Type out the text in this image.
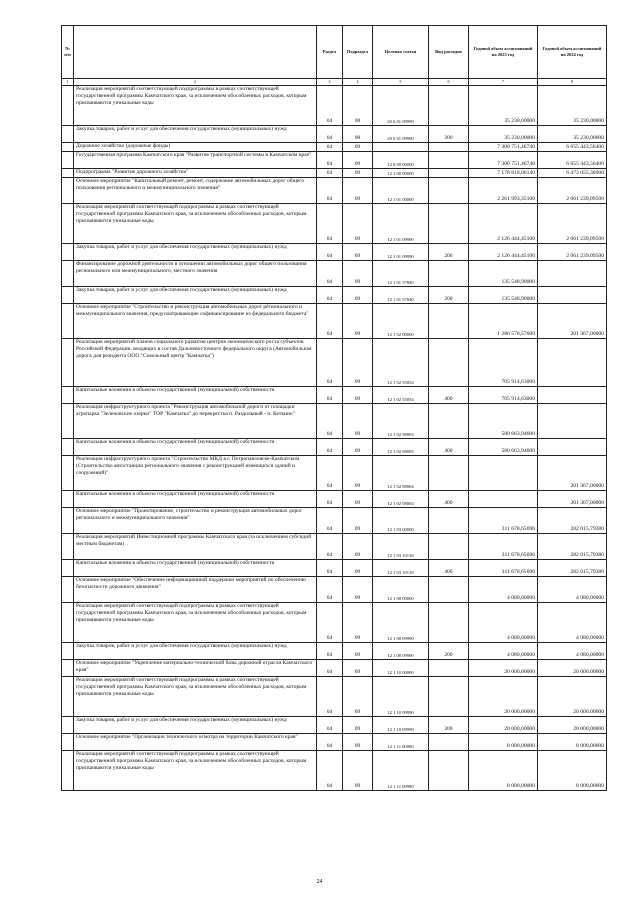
№ п/п		Раздел	Подраздел	Целевая статья	Вид расходов	Годовой объем ассигнований на 2023 год	Годовой объем ассигнований на 2024 год
1	2	3	4	5	6	7	8
	Реализация мероприятий соответствующей подпрограммы в рамках соответствующей государственной программы Камчатского края, за исключением обособленных расходов, которым присваиваются уникальные коды	04	08	20 6 01 09990		35 230,00000	35 230,00000
	Закупка товаров, работ и услуг для обеспечения государственных (муниципальных) нужд	04	08	20 6 01 09990	200	35 230,00000	35 230,00000
	Дорожное хозяйство (дорожные фонды)	04	09			7 300 751,46740	6 655 443,56400
	Государственная программа Камчатского края "Развитие транспортной системы в Камчатском крае"	04	09	12 0 00 00000		7 300 751,46740	6 655 443,56400
	Подпрограмма "Развитие дорожного хозяйства"	04	09	12 1 00 00000		7 178 818,06140	6 473 055,30900
	Основное мероприятие "Капитальный ремонт, ремонт, содержание автомобильных дорог общего пользования регионального и межмуниципального значения"	04	09	12 1 01 00000		2 261 993,35100	2 061 239,09500
	Реализация мероприятий соответствующей подпрограммы в рамках соответствующей государственной программы Камчатского края, за исключением обособленных расходов, которым присваиваются уникальные коды	04	09	12 1 01 09990		2 126 444,45100	2 061 239,09500
	Закупка товаров, работ и услуг для обеспечения государственных (муниципальных) нужд	04	09	12 1 01 09990	200	2 126 444,45100	2 061 239,09500
	Финансирование дорожной деятельности в отношении автомобильных дорог общего пользования регионального или межмуниципального, местного значения	04	09	12 1 01 57840		135 548,90000	
	Закупка товаров, работ и услуг для обеспечения государственных (муниципальных) нужд	04	09	12 1 01 57840	200	135 548,90000	
	Основное мероприятие "Строительство и реконструкция автомобильных дорог регионального и межмуниципального значения, предусматривающие софинансирование из федерального бюджета"	04	09	12 1 02 00000		1 286 578,57600	201 367,00000
	Реализация мероприятий планов социального развития центров экономического роста субъектов Российской Федерации, входящих в состав Дальневосточного федерального округа (Автомобильная дорога для резидента ООО "Сокольный центр "Камчатка")	04	09	12 1 02 55054		705 914,63000	
	Капитальные вложения в объекты государственной (муниципальной) собственности	04	09	12 1 02 55054	400	705 914,63000	
	Реализация инфраструктурного проекта "Реконструкция автомобильной дороги от площадки агропарка "Зеленовские озерки" ТОР "Камчатка" до перекрестка п. Раздольный - п. Кеткино"	04	09	12 1 02 98003		580 663,94600	
	Капитальные вложения в объекты государственной (муниципальной) собственности	04	09	12 1 02 98003	400	580 663,94600	
	Реализация инфраструктурного проекта "Строительство МКД в г. Петропавловске-Камчатском (Строительство автостанции регионального значения с реконструкцией имеющихся зданий и сооружений)"	04	09	12 1 02 98004			201 367,00000
	Капитальные вложения в объекты государственной (муниципальной) собственности	04	09	12 1 02 98004	400		201 367,00000
	Основное мероприятие "Проектирование, строительство и реконструкция автомобильных дорог регионального и межмуниципального значения"	04	09	12 1 03 00000		311 678,65696	282 015,79380
	Реализация мероприятий Инвестиционной программы Камчатского края (за исключением субсидий местным бюджетам)	04	09	12 1 03 10130		311 678,65696	282 015,79380
	Капитальные вложения в объекты государственной (муниципальной) собственности	04	09	12 1 03 10130	400	311 678,65696	282 015,79380
	Основное мероприятие "Обеспечение информационной поддержки мероприятий по обеспечению безопасности дорожного движения"	04	09	12 1 08 00000		4 080,00000	4 080,00000
	Реализация мероприятий соответствующей подпрограммы в рамках соответствующей государственной программы Камчатского края, за исключением обособленных расходов, которым присваиваются уникальные коды	04	09	12 1 08 09990		4 080,00000	4 080,00000
	Закупка товаров, работ и услуг для обеспечения государственных (муниципальных) нужд	04	09	12 1 08 09990	200	4 080,00000	4 080,00000
	Основное мероприятие "Укрепление материально-технической базы дорожной отрасли Камчатского края"	04	09	12 1 10 00000		20 000,00000	20 000,00000
	Реализация мероприятий соответствующей подпрограммы в рамках соответствующей государственной программы Камчатского края, за исключением обособленных расходов, которым присваиваются уникальные коды	04	09	12 1 10 09990		20 000,00000	20 000,00000
	Закупка товаров, работ и услуг для обеспечения государственных (муниципальных) нужд	04	09	12 1 10 09990	200	20 000,00000	20 000,00000
	Основное мероприятие "Организация технического осмотра на территории Камчатского края"	04	09	12 1 11 00000		8 000,00000	8 000,00000
	Реализация мероприятий соответствующей подпрограммы в рамках соответствующей государственной программы Камчатского края, за исключением обособленных расходов, которым присваиваются уникальные коды	04	09	12 1 11 09990		8 000,00000	8 000,00000
24
